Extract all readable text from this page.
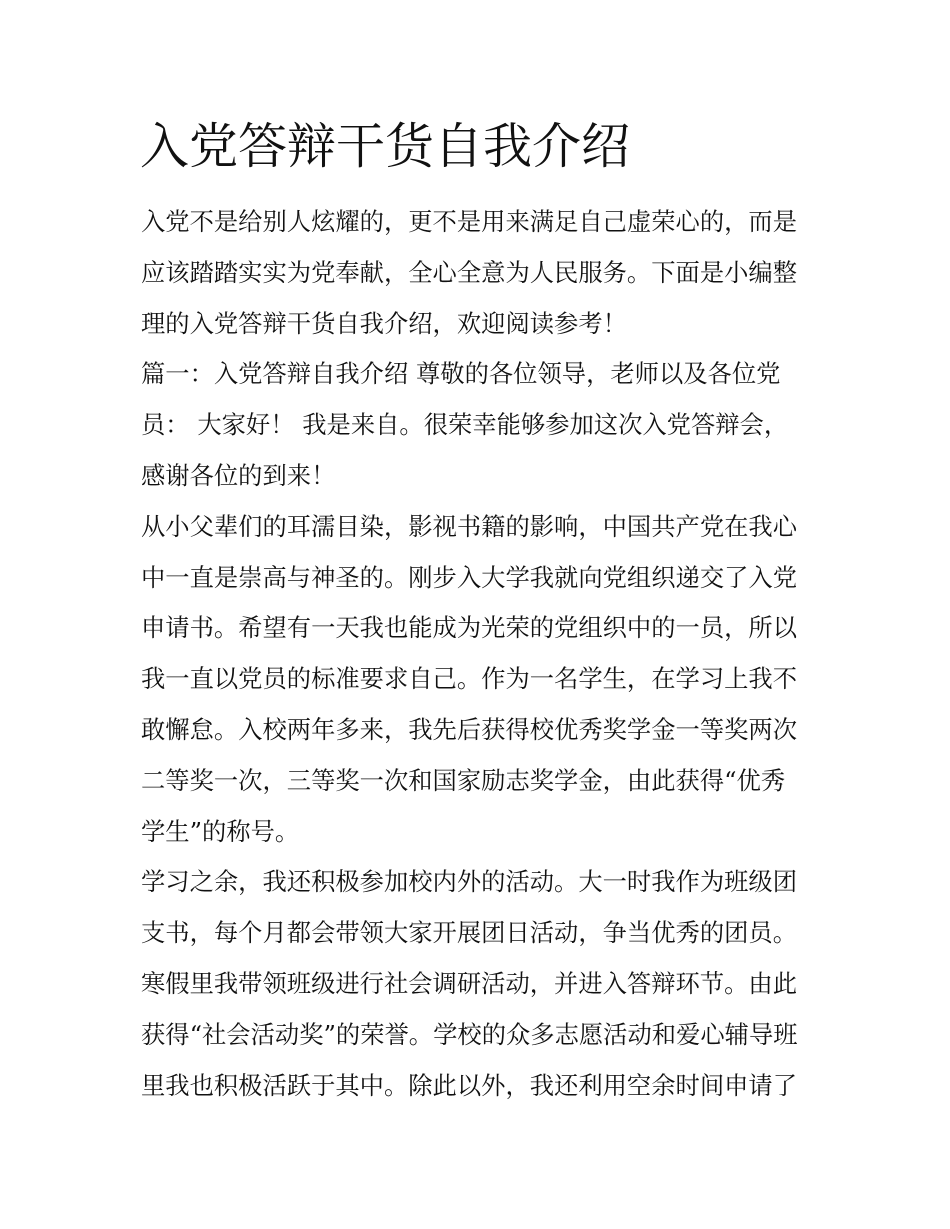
入党答辩干货自我介绍
入党不是给别人炫耀的，更不是用来满足自己虚荣心的，而是
应该踏踏实实为党奉献，全心全意为人民服务。下面是小编整
理的入党答辩干货自我介绍，欢迎阅读参考！
篇一：入党答辩自我介绍 尊敬的各位领导，老师以及各位党
员： 大家好！ 我是来自。很荣幸能够参加这次入党答辩会，
感谢各位的到来！
从小父辈们的耳濡目染，影视书籍的影响，中国共产党在我心
中一直是崇高与神圣的。刚步入大学我就向党组织递交了入党
申请书。希望有一天我也能成为光荣的党组织中的一员，所以
我一直以党员的标准要求自己。作为一名学生，在学习上我不
敢懈怠。入校两年多来，我先后获得校优秀奖学金一等奖两次
二等奖一次，三等奖一次和国家励志奖学金，由此获得“优秀
学生”的称号。
学习之余，我还积极参加校内外的活动。大一时我作为班级团
支书，每个月都会带领大家开展团日活动，争当优秀的团员。
寒假里我带领班级进行社会调研活动，并进入答辩环节。由此
获得“社会活动奖”的荣誉。学校的众多志愿活动和爱心辅导班
里我也积极活跃于其中。除此以外，我还利用空余时间申请了
